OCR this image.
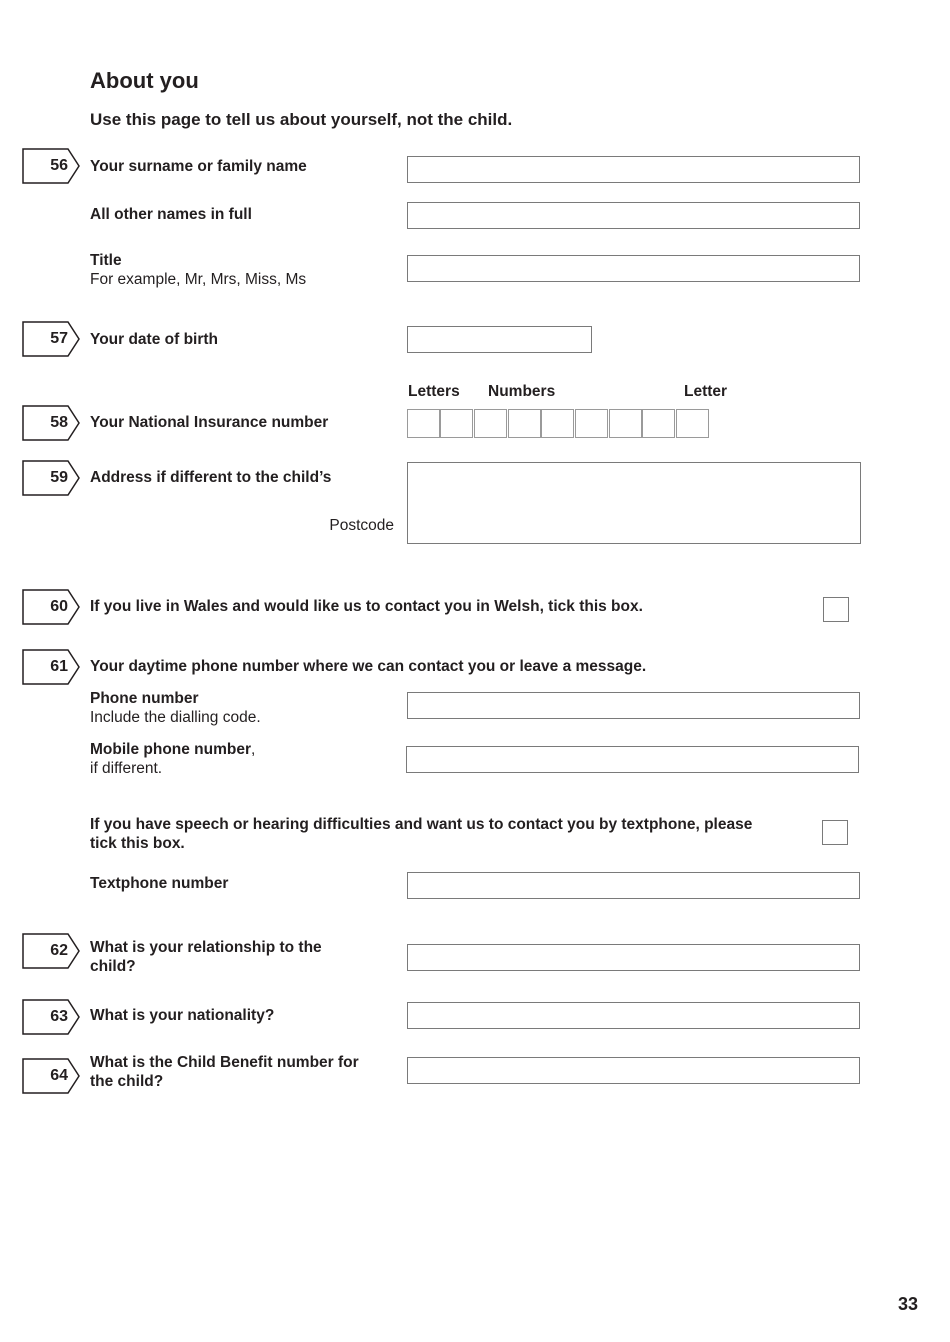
About you

Use this page to tell us about yourself, not the child.

56 Your surname or family name
All other names in full
Title
For example, Mr, Mrs, Miss, Ms
57 Your date of birth
Letters Numbers	Letter
58 Your National Insurance number
59 Address if different to the child’s
Postcode
60 If you live in Wales and would like us to contact you in Welsh, tick this box.
61 Your daytime phone number where we can contact you or leave a message.
Phone number
Include the dialling code.
Mobile phone number,
if different.
If you have speech or hearing difficulties and want us to contact you by textphone, please tick this box.
Textphone number
62 What is your relationship to the child?
63 What is your nationality?
64
What is the Child Benefit number for the child?
33
